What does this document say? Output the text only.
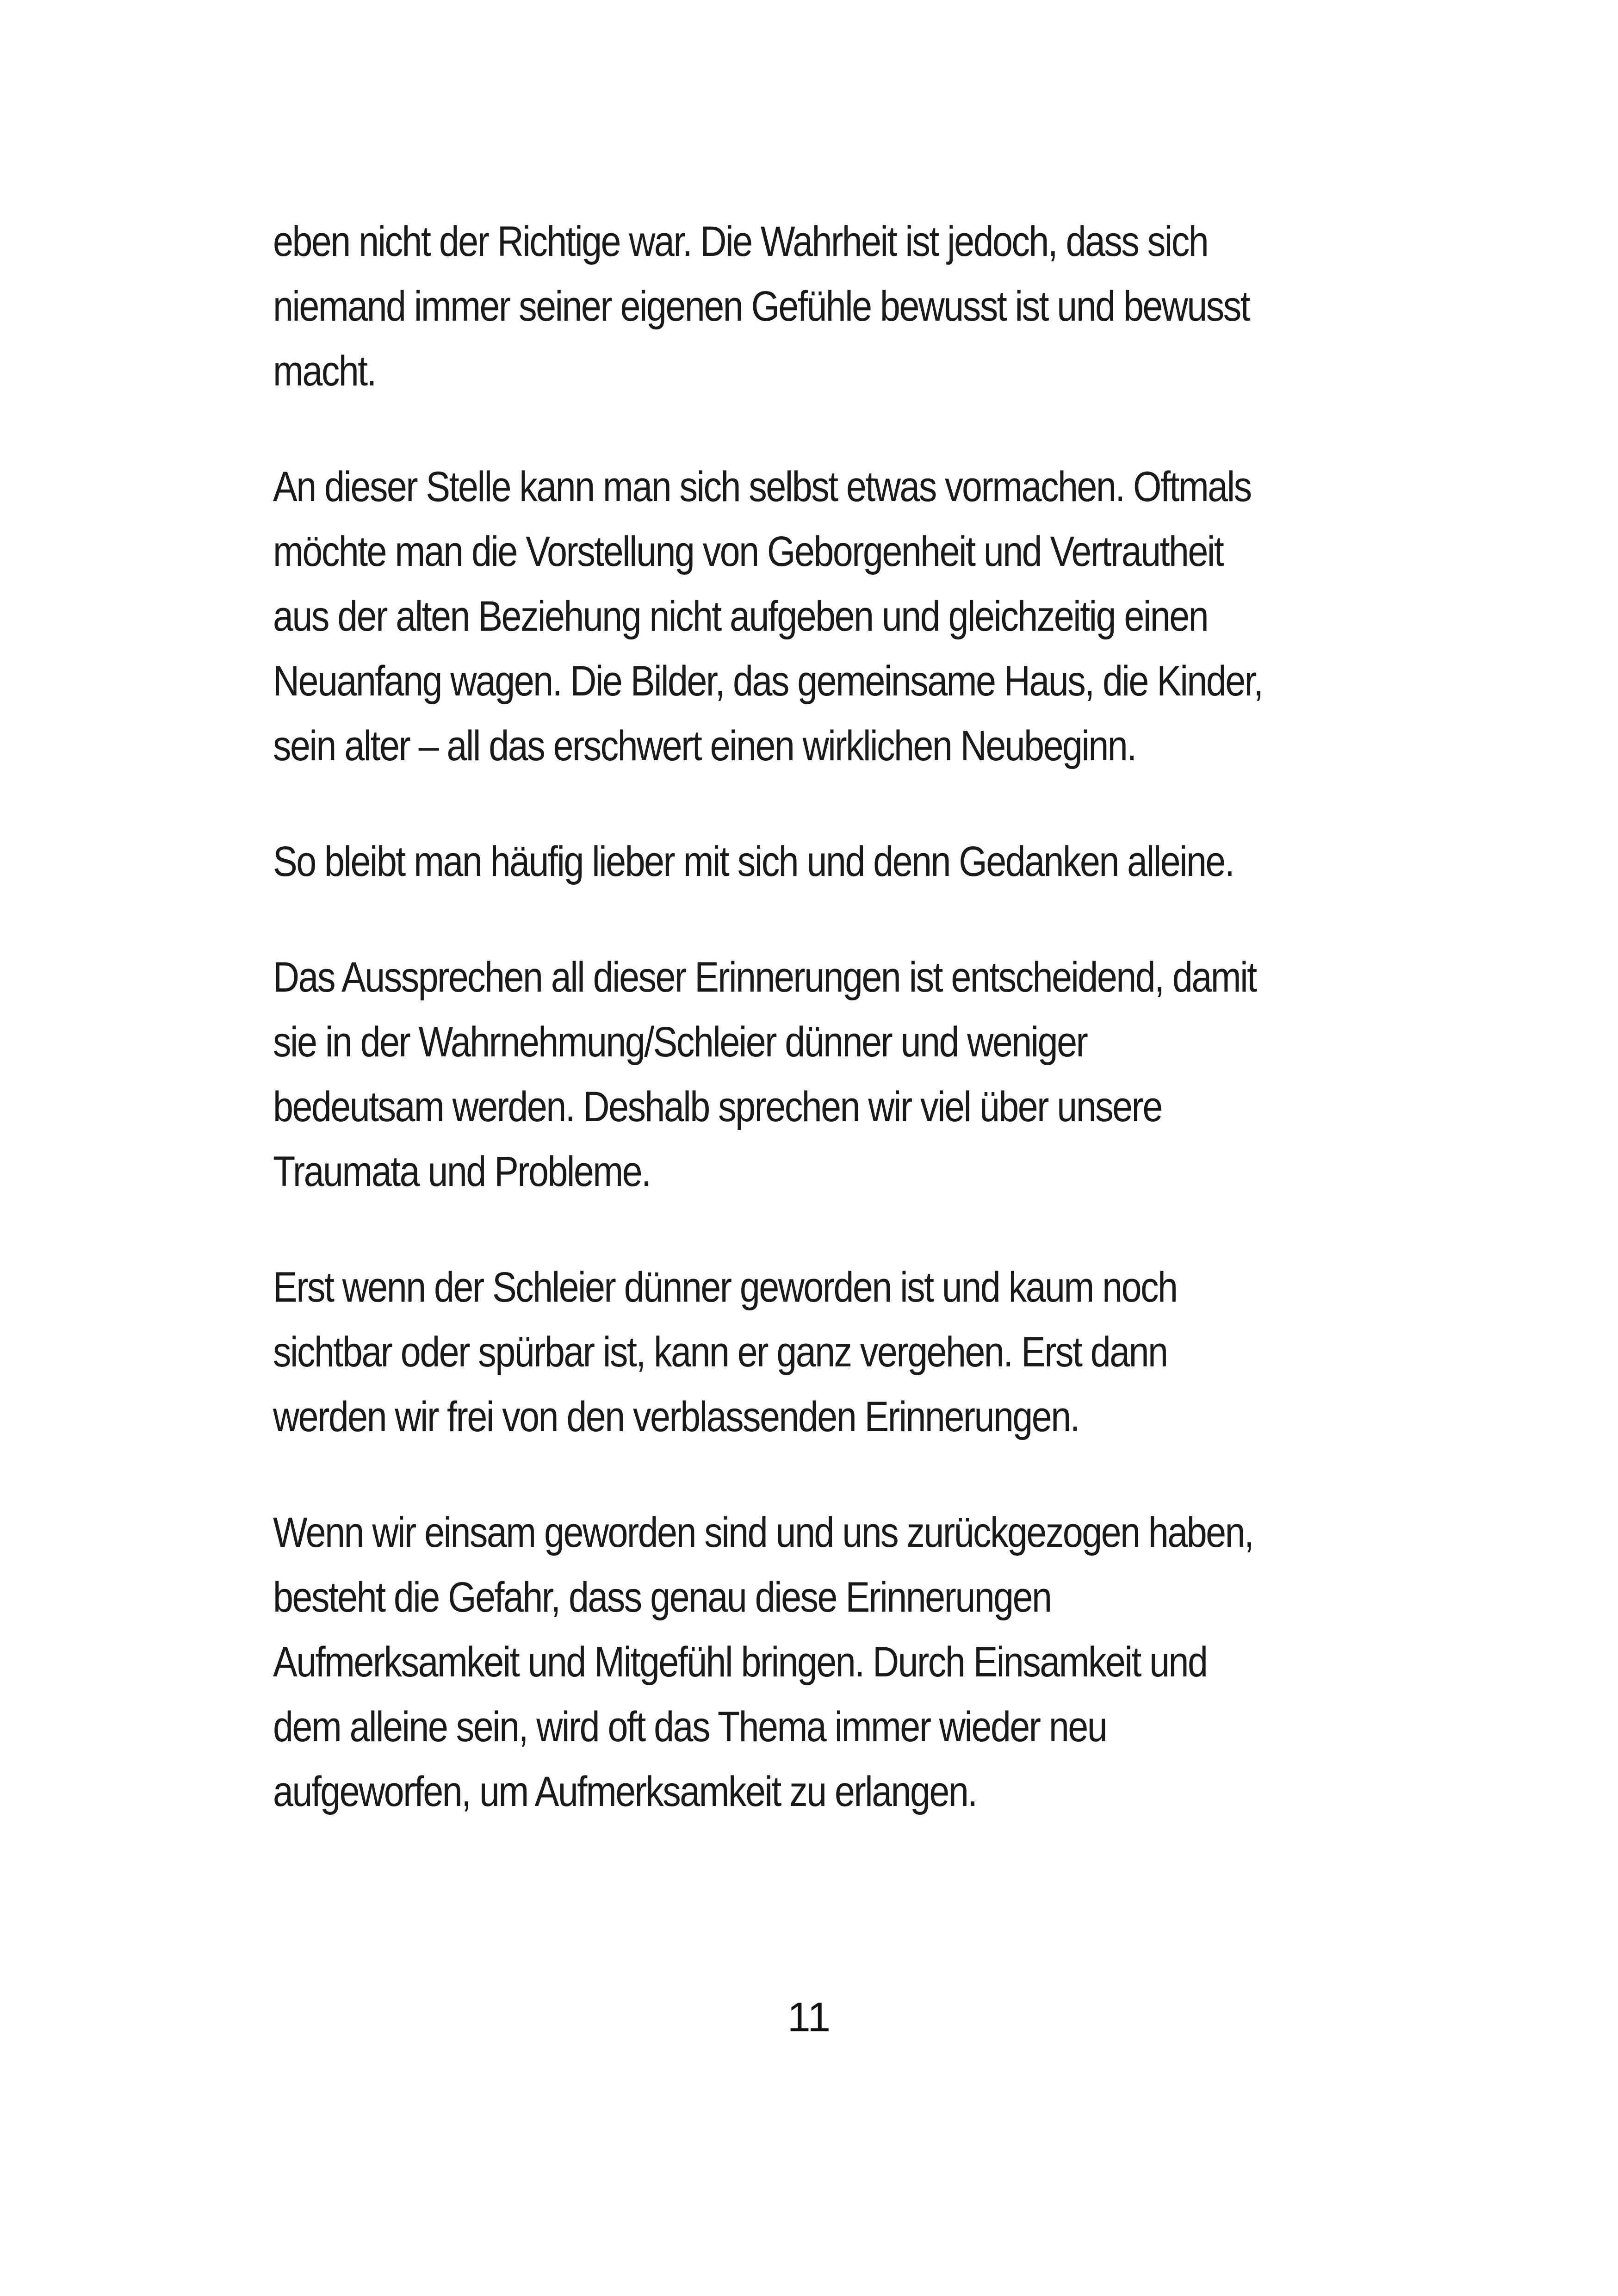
eben nicht der Richtige war. Die Wahrheit ist jedoch, dass sich
niemand immer seiner eigenen Gefühle bewusst ist und bewusst
macht.

An dieser Stelle kann man sich selbst etwas vormachen. Oftmals
möchte man die Vorstellung von Geborgenheit und Vertrautheit
aus der alten Beziehung nicht aufgeben und gleichzeitig einen
Neuanfang wagen. Die Bilder, das gemeinsame Haus, die Kinder,
sein alter – all das erschwert einen wirklichen Neubeginn.

So bleibt man häufig lieber mit sich und denn Gedanken alleine.

Das Aussprechen all dieser Erinnerungen ist entscheidend, damit
sie in der Wahrnehmung/Schleier dünner und weniger
bedeutsam werden. Deshalb sprechen wir viel über unsere
Traumata und Probleme.

Erst wenn der Schleier dünner geworden ist und kaum noch
sichtbar oder spürbar ist, kann er ganz vergehen. Erst dann
werden wir frei von den verblassenden Erinnerungen.

Wenn wir einsam geworden sind und uns zurückgezogen haben,
besteht die Gefahr, dass genau diese Erinnerungen
Aufmerksamkeit und Mitgefühl bringen. Durch Einsamkeit und
dem alleine sein, wird oft das Thema immer wieder neu
aufgeworfen, um Aufmerksamkeit zu erlangen.

11
